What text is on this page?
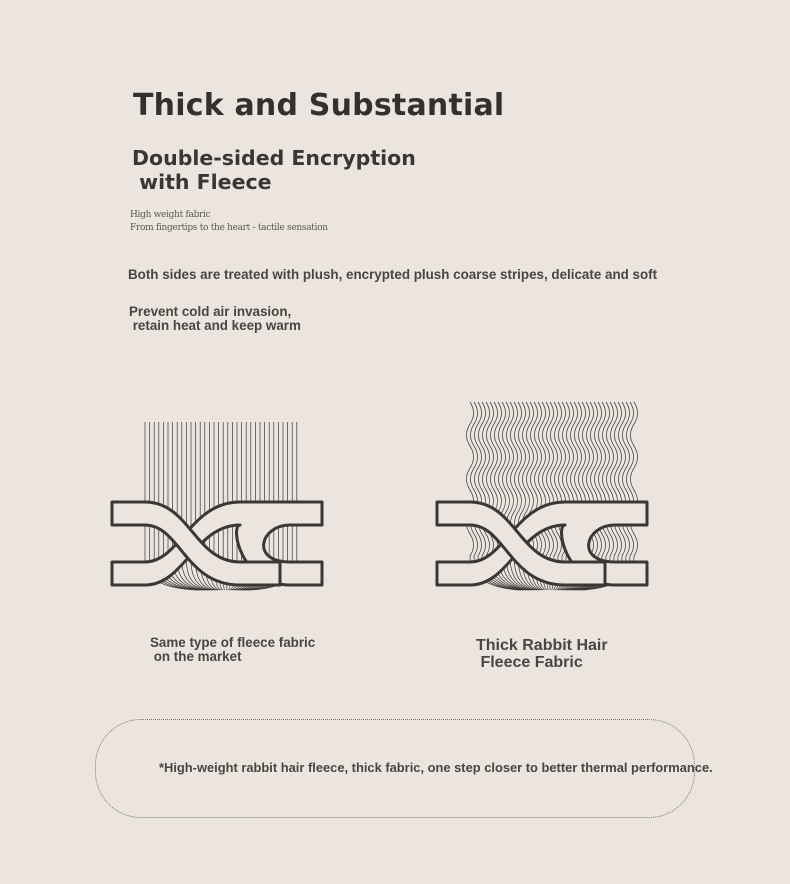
Thick and Substantial
Double-sided Encryption
with Fleece
High weight fabric
From fingertips to the heart - tactile sensation
Both sides are treated with plush, encrypted plush coarse stripes, delicate and soft
Prevent cold air invasion,
retain heat and keep warm
Same type of fleece fabric
on the market
Thick Rabbit Hair
Fleece Fabric
*High-weight rabbit hair fleece, thick fabric, one step closer to better thermal performance.
